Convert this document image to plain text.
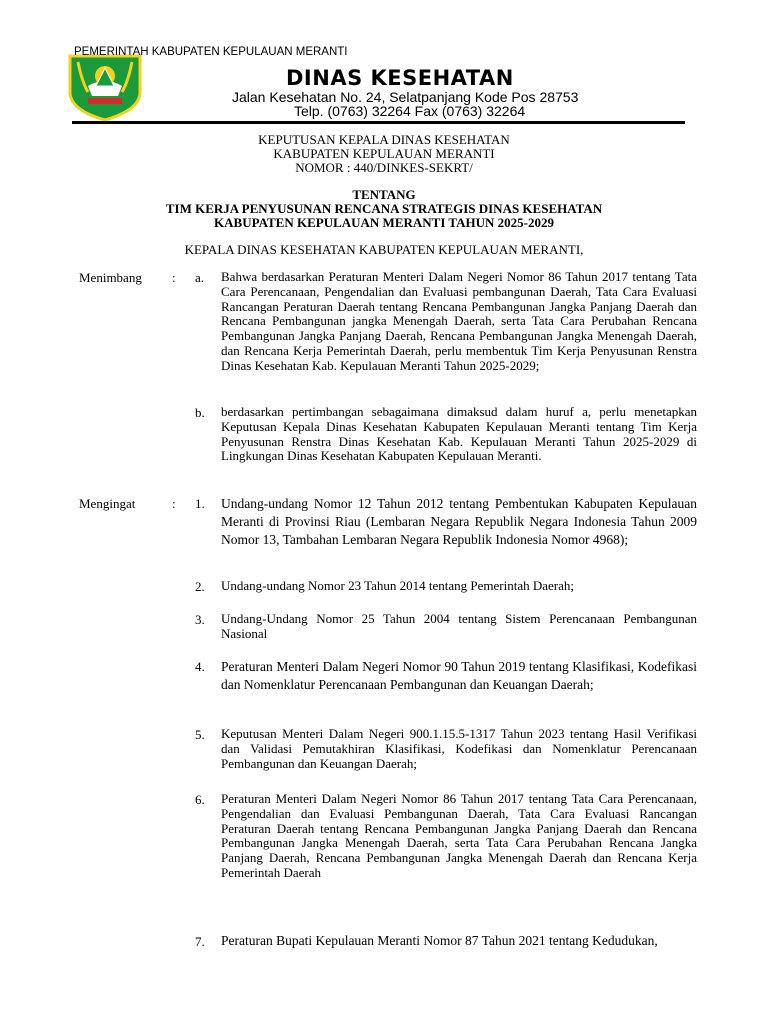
PEMERINTAH KABUPATEN KEPULAUAN MERANTI
DINAS KESEHATAN
Jalan Kesehatan No. 24, Selatpanjang Kode Pos 28753
Telp. (0763) 32264 Fax (0763) 32264
KEPUTUSAN KEPALA DINAS KESEHATAN
KABUPATEN KEPULAUAN MERANTI
NOMOR : 440/DINKES-SEKRT/
TENTANG
TIM KERJA PENYUSUNAN RENCANA STRATEGIS DINAS KESEHATAN
KABUPATEN KEPULAUAN MERANTI TAHUN 2025-2029
KEPALA DINAS KESEHATAN KABUPATEN KEPULAUAN MERANTI,
Menimbang : a. Bahwa berdasarkan Peraturan Menteri Dalam Negeri Nomor 86 Tahun 2017 tentang Tata Cara Perencanaan, Pengendalian dan Evaluasi pembangunan Daerah, Tata Cara Evaluasi Rancangan Peraturan Daerah tentang Rencana Pembangunan Jangka Panjang Daerah dan Rencana Pembangunan jangka Menengah Daerah, serta Tata Cara Perubahan Rencana Pembangunan Jangka Panjang Daerah, Rencana Pembangunan Jangka Menengah Daerah, dan Rencana Kerja Pemerintah Daerah, perlu membentuk Tim Kerja Penyusunan Renstra Dinas Kesehatan Kab. Kepulauan Meranti Tahun 2025-2029;
b. berdasarkan pertimbangan sebagaimana dimaksud dalam huruf a, perlu menetapkan Keputusan Kepala Dinas Kesehatan Kabupaten Kepulauan Meranti tentang Tim Kerja Penyusunan Renstra Dinas Kesehatan Kab. Kepulauan Meranti Tahun 2025-2029 di Lingkungan Dinas Kesehatan Kabupaten Kepulauan Meranti.
Mengingat	: 1. Undang-undang Nomor 12 Tahun 2012 tentang Pembentukan Kabupaten Kepulauan Meranti di Provinsi Riau (Lembaran Negara Republik Negara Indonesia Tahun 2009 Nomor 13, Tambahan Lembaran Negara Republik Indonesia Nomor 4968);
2. Undang-undang Nomor 23 Tahun 2014 tentang Pemerintah Daerah;
3. Undang-Undang Nomor 25 Tahun 2004 tentang Sistem Perencanaan Pembangunan Nasional
4. Peraturan Menteri Dalam Negeri Nomor 90 Tahun 2019 tentang Klasifikasi, Kodefikasi dan Nomenklatur Perencanaan Pembangunan dan Keuangan Daerah;
5. Keputusan Menteri Dalam Negeri 900.1.15.5-1317 Tahun 2023 tentang Hasil Verifikasi dan Validasi Pemutakhiran Klasifikasi, Kodefikasi dan Nomenklatur Perencanaan Pembangunan dan Keuangan Daerah;
6. Peraturan Menteri Dalam Negeri Nomor 86 Tahun 2017 tentang Tata Cara Perencanaan, Pengendalian dan Evaluasi Pembangunan Daerah, Tata Cara Evaluasi Rancangan Peraturan Daerah tentang Rencana Pembangunan Jangka Panjang Daerah dan Rencana Pembangunan Jangka Menengah Daerah, serta Tata Cara Perubahan Rencana Jangka Panjang Daerah, Rencana Pembangunan Jangka Menengah Daerah dan Rencana Kerja Pemerintah Daerah
7. Peraturan Bupati Kepulauan Meranti Nomor 87 Tahun 2021 tentang Kedudukan,
